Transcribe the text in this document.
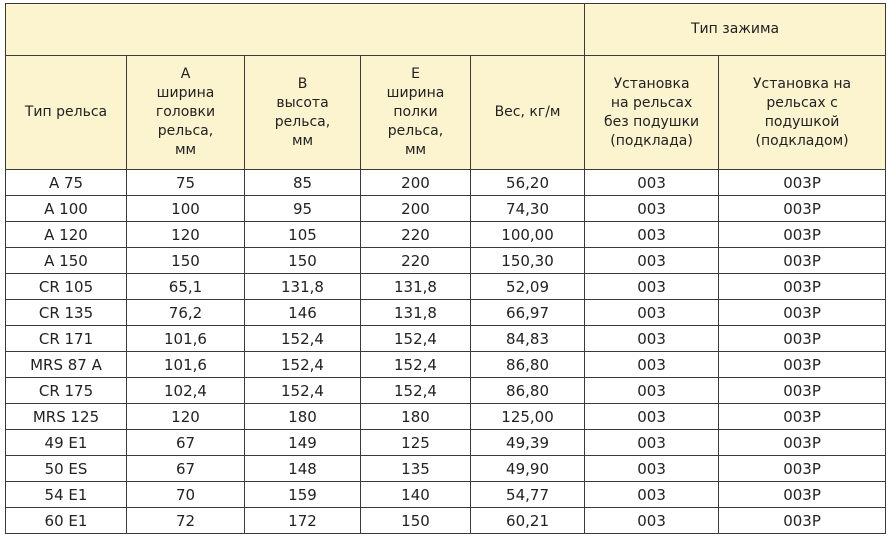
					Тип зажима	

Тип рельса	A
ширина
головки
рельса,
мм	B
высота
рельса,
мм	E
ширина
полки
рельса,
мм	Вес, кг/м	Установка
на рельсах
без подушки
(подклада)	Установка на
рельсах с
подушкой
(подкладом)

A 75	75	85	200	56,20	003	003P
A 100	100	95	200	74,30	003	003P
A 120	120	105	220	100,00	003	003P
A 150	150	150	220	150,30	003	003P
CR 105	65,1	131,8	131,8	52,09	003	003P
CR 135	76,2	146	131,8	66,97	003	003P
CR 171	101,6	152,4	152,4	84,83	003	003P
MRS 87 A	101,6	152,4	152,4	86,80	003	003P
CR 175	102,4	152,4	152,4	86,80	003	003P
MRS 125	120	180	180	125,00	003	003P
49 E1	67	149	125	49,39	003	003P
50 ES	67	148	135	49,90	003	003P
54 E1	70	159	140	54,77	003	003P
60 E1	72	172	150	60,21	003	003P
